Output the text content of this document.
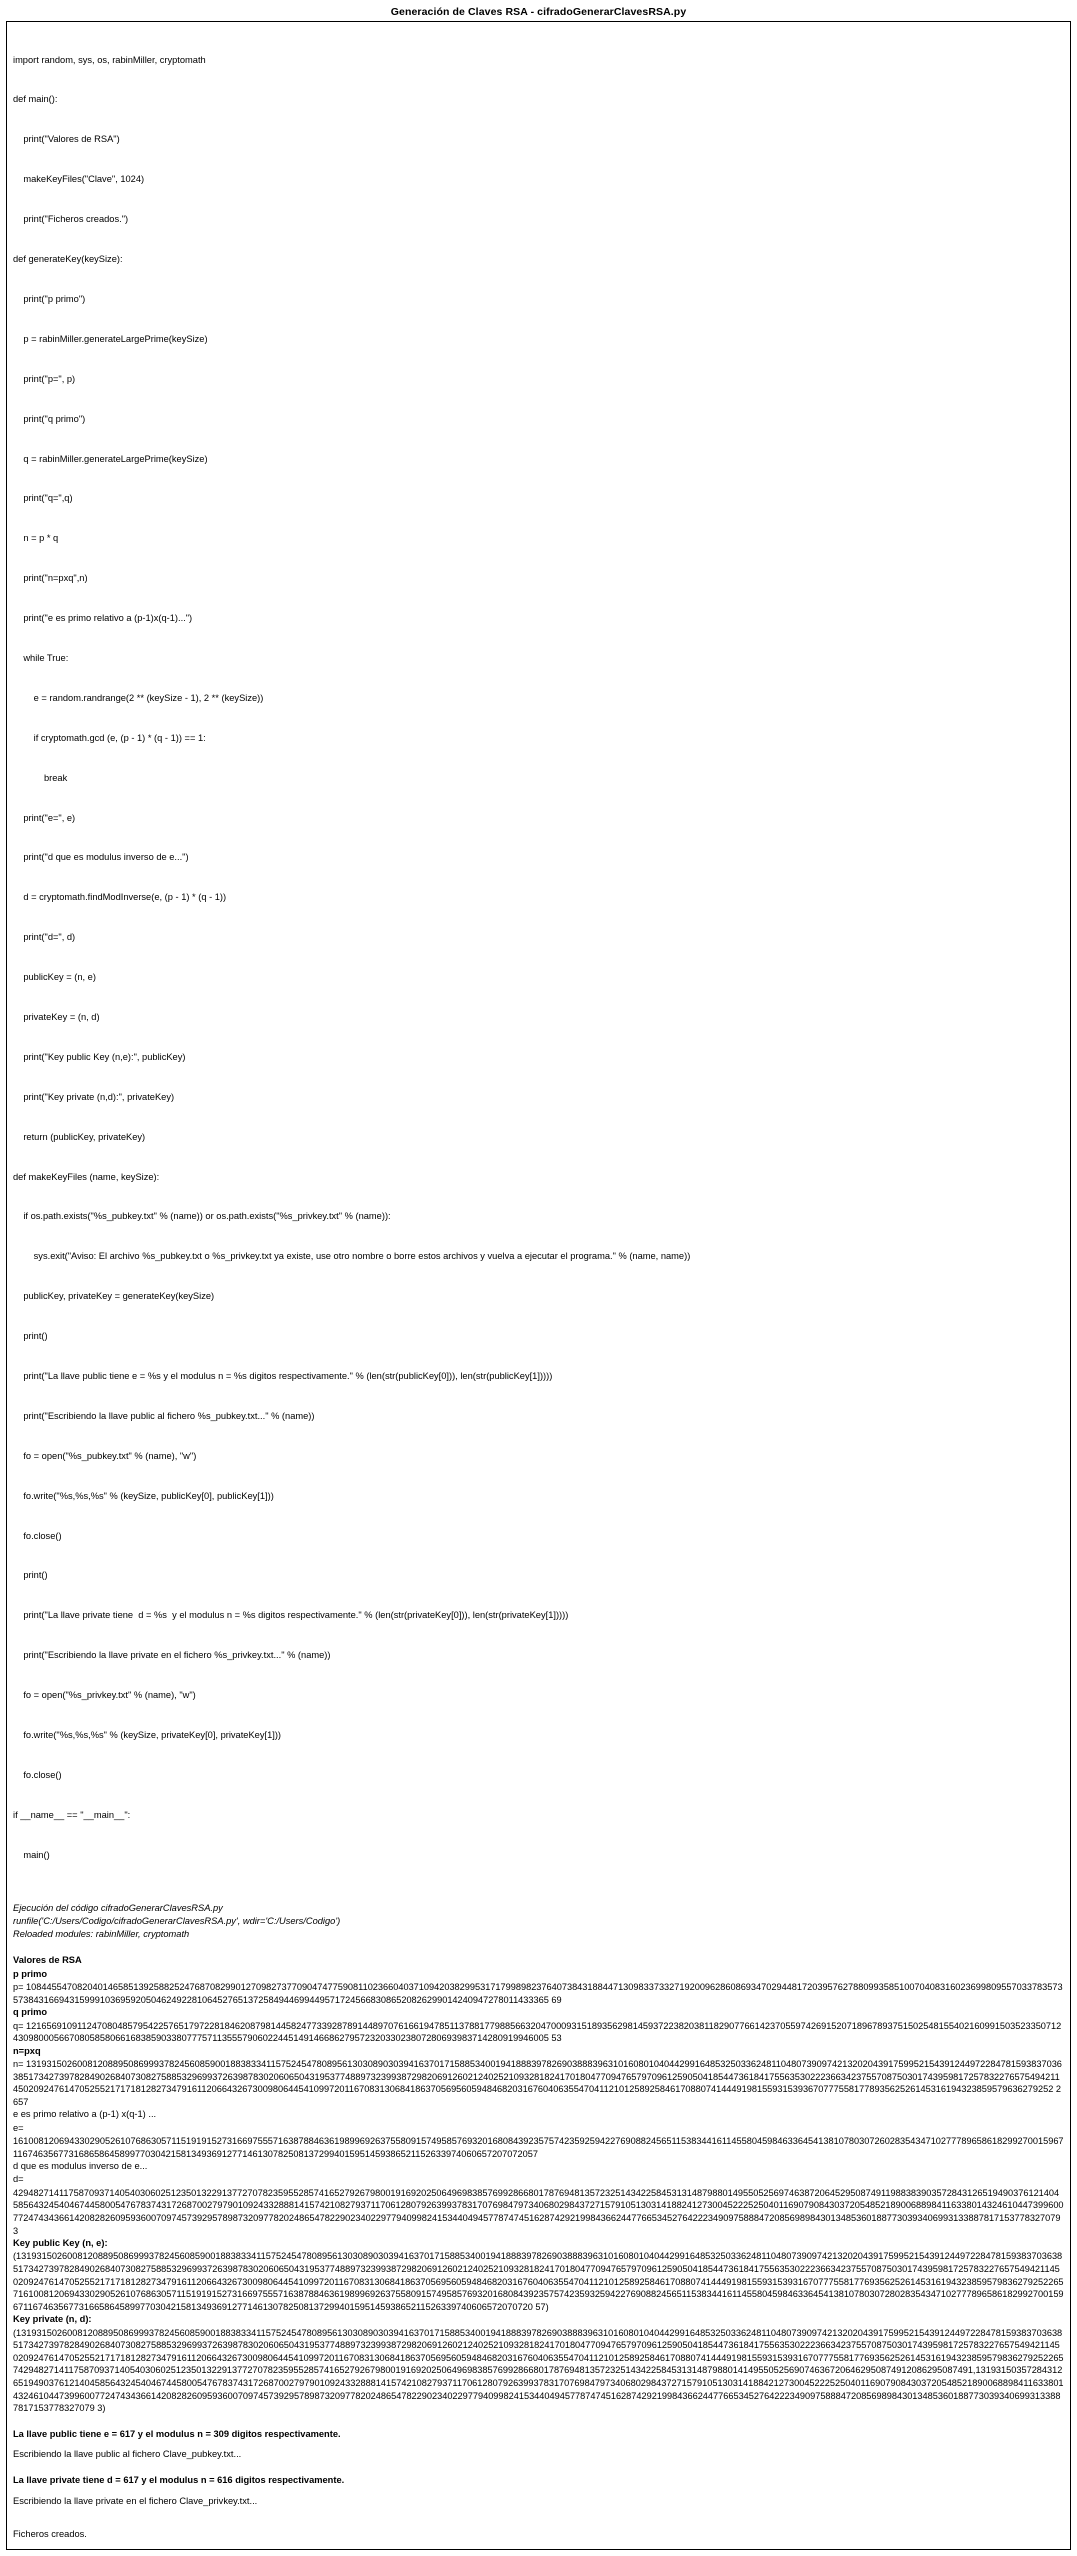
Generación de Claves RSA - cifradoGenerarClavesRSA.py

import random, sys, os, rabinMiller, cryptomath

def main():

print("Valores de RSA")

makeKeyFiles("Clave", 1024)

print("Ficheros creados.")

def generateKey(keySize):

print("p primo")

p = rabinMiller.generateLargePrime(keySize)

print("p=", p)

print("q primo")

q = rabinMiller.generateLargePrime(keySize)

print("q=",q)

n = p * q

print("n=pxq",n)

print("e es primo relativo a (p-1)x(q-1)...")

while True:

e = random.randrange(2 ** (keySize - 1), 2 ** (keySize))

if cryptomath.gcd (e, (p - 1) * (q - 1)) == 1:

break

print("e=", e)

print("d que es modulus inverso de e...")

d = cryptomath.findModInverse(e, (p - 1) * (q - 1))

print("d=", d)

publicKey = (n, e)

privateKey = (n, d)

print("Key public Key (n,e):", publicKey)

print("Key private (n,d):", privateKey)

return (publicKey, privateKey)

def makeKeyFiles (name, keySize):

if os.path.exists("%s_pubkey.txt" % (name)) or os.path.exists("%s_privkey.txt" % (name)):

sys.exit("Aviso: El archivo %s_pubkey.txt o %s_privkey.txt ya existe, use otro nombre o borre estos archivos y vuelva a ejecutar el programa." % (name, name))

publicKey, privateKey = generateKey(keySize)

print()

print("La llave public tiene e = %s y el modulus n = %s digitos respectivamente." % (len(str(publicKey[0])), len(str(publicKey[1]))))

print("Escribiendo la llave public al fichero %s_pubkey.txt..." % (name))

fo = open("%s_pubkey.txt" % (name), "w")

fo.write("%s,%s,%s" % (keySize, publicKey[0], publicKey[1]))

fo.close()

print()

print("La llave private tiene  d = %s  y el modulus n = %s digitos respectivamente." % (len(str(privateKey[0])), len(str(privateKey[1]))))

print("Escribiendo la llave private en el fichero %s_privkey.txt..." % (name))

fo = open("%s_privkey.txt" % (name), "w")

fo.write("%s,%s,%s" % (keySize, privateKey[0], privateKey[1]))

fo.close()

if __name__ == "__main__":

main()

Ejecución del código cifradoGenerarClavesRSA.py
runfile('C:/Users/Codigo/cifradoGenerarClavesRSA.py', wdir='C:/Users/Codigo')
Reloaded modules: rabinMiller, cryptomath
Valores de RSA
p primo
p= 10844554708204014658513925882524768708299012709827377090474775908110236604037109420382995317179989823764073843188447130983373327192009628608693470294481720395762788099358510070408316023699809557033783573573843166943159991036959205046249228106452765137258494469944957172456683086520826299014240947278011433365 69
q primo
q= 12165691091124708048579542257651797228184620879814458247733928789144897076166194785113788177988566320470009315189356298145937223820381182907766142370559742691520718967893751502548155402160991503523350712430980005667080585806616838590338077757113555790602244514914668627957232033023807280693983714280919946005 53
n=pxq
n= 131931502600812088950869993782456085900188383341157524547808956130308903039416370171588534001941888397826903888396310160801040442991648532503362481104807390974213202043917599521543912449722847815938370363851734273978284902684073082758853296993726398783020606504319537748897323993872982069126021240252109328182417018047709476579709612590504185447361841755635302223663423755708750301743959817257832276575494211450209247614705255217171812827347916112066432673009806445410997201167083130684186370569560594846820316760406355470411210125892584617088074144491981559315393670777558177893562526145316194323859579636279252 2657
e es primo relativo a (p-1) x(q-1) ...
e=
161008120694330290526107686305711519191527316697555716387884636198996926375580915749585769320168084392357574235925942276908824565115383441611455804598463364541381078030726028354347102777896586182992700159671167463567731686586458997703042158134936912771461307825081372994015951459386521152633974060657207072057
d que es modulus inverso de e...
d=
4294827141175870937140540306025123501322913772707823595528574165279267980019169202506496983857699286680178769481357232514342258453131487988014955052569746387206452950874911988383903572843126519490376121404585643245404674458005476783743172687002797901092433288814157421082793711706128079263993783170769847973406802984372715791051303141882412730045222525040116907908430372054852189006889841163380143246104473996007724743436614208282609593600709745739295789873209778202486547822902340229779409982415344049457787474516287429219984366244776653452764222349097588847208569898430134853601887730393406993133887817153778327079 3
Key public Key (n, e):
(131931502600812088950869993782456085900188383341157524547808956130308903039416370171588534001941888397826903888396310160801040442991648532503362481104807390974213202043917599521543912449722847815938370363851734273978284902684073082758853296993726398783020606504319537748897323993872982069126021240252109328182417018047709476579709612590504185447361841755635302223663423755708750301743959817257832276575494211450209247614705255217171812827347916112066432673009806445410997201167083130684186370569560594846820316760406355470411210125892584617088074144491981559315393167077755817769356252614531619432385957983627925226571610081206943302905261076863057115191915273166975557163878846361989969263755809157495857693201680843923575742359325942276908824565115383441611455804598463364541381078030728028354347102777896586182992700159671167463567731665864589977030421581349369127714613078250813729940159514593865211526339740606572070720 57)
Key private (n, d):
(131931502600812088950869993782456085900188383341157524547808956130308903039416370171588534001941888397826903888396310160801040442991648532503362481104807390974213202043917599521543912449722847815938370363851734273978284902684073082758853296993726398783020606504319537748897323993872982069126021240252109328182417018047709476579709612590504185447361841755635302223663423755708750301743959817257832276575494211450209247614705255217171812827347916112066432673009806445410997201167083130684186370569560594846820316760406355470411210125892584617088074144491981559315393167077755817769356252614531619432385957983627925226574294827141175870937140540306025123501322913772707823595528574165279267980019169202506496983857699286680178769481357232514342258453131487988014149550525690746367206462950874912086295087491,131931503572843126519490376121404585643245404674458005476783743172687002797901092433288814157421082793711706128079263993783170769847973406802984372715791051303141884212730045222525040116907908430372054852189006889841163380143246104473996007724743436614208282609593600709745739295789873209778202486547822902340229779409982415344049457787474516287429219984366244776653452764222349097588847208569898430134853601887730393406993133887817153778327079 3)
La llave public tiene e = 617 y el modulus n = 309 digitos respectivamente.
Escribiendo la llave public al fichero Clave_pubkey.txt...
La llave private tiene d = 617 y el modulus n = 616 digitos respectivamente.
Escribiendo la llave private en el fichero Clave_privkey.txt...
Ficheros creados.
